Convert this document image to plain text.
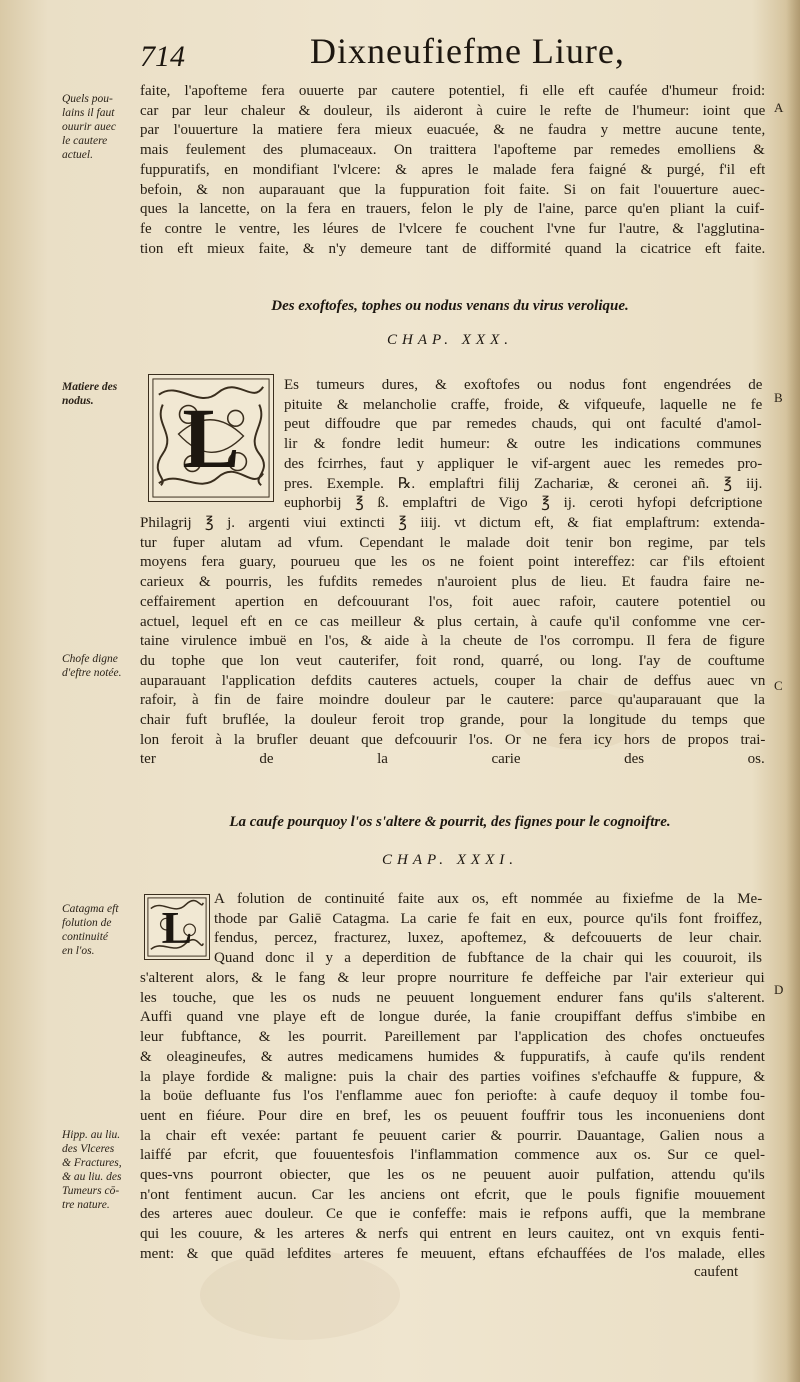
714	Dixneufiefme Liure,
Quels pou-
lains il faut
ouurir auec
le cautere
actuel.
Matiere des
nodus.
Chofe digne
d'eftre notée.
Catagma eft
folution de
continuité
en l'os.
Hipp. au liu.
des Vlceres
& Fractures,
& au liu. des
Tumeurs cō-
tre nature.
A
B
C
D
faite, l'apofteme fera ouuerte par cautere potentiel, fi elle eft caufée d'humeur froid:
car par leur chaleur & douleur, ils aideront à cuire le refte de l'humeur: ioint que
par l'ouuerture la matiere fera mieux euacuée, & ne faudra y mettre aucune tente,
mais feulement des plumaceaux. On traittera l'apofteme par remedes emolliens &
fuppuratifs, en mondifiant l'vlcere: & apres le malade fera faigné & purgé, f'il eft
befoin, & non auparauant que la fuppuration foit faite. Si on fait l'ouuerture auec-
ques la lancette, on la fera en trauers, felon le ply de l'aine, parce qu'en pliant la cuif-
fe contre le ventre, les léures de l'vlcere fe couchent l'vne fur l'autre, & l'agglutina-
tion eft mieux faite, & n'y demeure tant de difformité quand la cicatrice eft faite.
Des exoftofes, tophes ou nodus venans du virus verolique.
CHAP. XXX.
L
Es tumeurs dures, & exoftofes ou nodus font engendrées de
pituite & melancholie craffe, froide, & vifqueufe, laquelle ne fe
peut diffoudre que par remedes chauds, qui ont faculté d'amol-
lir & fondre ledit humeur: & outre les indications communes
des fcirrhes, faut y appliquer le vif-argent auec les remedes pro-
pres. Exemple. ℞. emplaftri filij Zachariæ, & ceronei añ. ℥ iij.
euphorbij ℥ ß. emplaftri de Vigo ℥ ij. ceroti hyfopi defcriptione
Philagrij ℥ j. argenti viui extincti ℥ iiij. vt dictum eft, & fiat emplaftrum: extenda-
tur fuper alutam ad vfum. Cependant le malade doit tenir bon regime, par tels
moyens fera guary, pourueu que les os ne foient point intereffez: car f'ils eftoient
carieux & pourris, les fufdits remedes n'auroient plus de lieu. Et faudra faire ne-
ceffairement apertion en defcouurant l'os, foit auec rafoir, cautere potentiel ou
actuel, lequel eft en ce cas meilleur & plus certain, à caufe qu'il confomme vne cer-
taine virulence imbuë en l'os, & aide à la cheute de l'os corrompu. Il fera de figure
du tophe que lon veut cauterifer, foit rond, quarré, ou long. I'ay de couftume
auparauant l'application defdits cauteres actuels, couper la chair de deffus auec vn
rafoir, à fin de faire moindre douleur par le cautere: parce qu'auparauant que la
chair fuft bruflée, la douleur feroit trop grande, pour la longitude du temps que
lon feroit à la brufler deuant que defcouurir l'os. Or ne fera icy hors de propos trai-
ter de la carie des os.
La caufe pourquoy l'os s'altere & pourrit, des fignes pour le cognoiftre.
CHAP. XXXI.
L
A folution de continuité faite aux os, eft nommée au fixiefme de la Me-
thode par Galiē Catagma. La carie fe fait en eux, pource qu'ils font froiffez,
fendus, percez, fracturez, luxez, apoftemez, & defcouuerts de leur chair.
Quand donc il y a deperdition de fubftance de la chair qui les couuroit, ils
s'alterent alors, & le fang & leur propre nourriture fe deffeiche par l'air exterieur qui
les touche, que les os nuds ne peuuent longuement endurer fans qu'ils s'alterent.
Auffi quand vne playe eft de longue durée, la fanie croupiffant deffus s'imbibe en
leur fubftance, & les pourrit. Pareillement par l'application des chofes onctueufes
& oleagineufes, & autres medicamens humides & fuppuratifs, à caufe qu'ils rendent
la playe fordide & maligne: puis la chair des parties voifines s'efchauffe & fuppure, &
la boüe defluante fus l'os l'enflamme auec fon periofte: à caufe dequoy il tombe fou-
uent en fiéure. Pour dire en bref, les os peuuent fouffrir tous les inconueniens dont
la chair eft vexée: partant fe peuuent carier & pourrir. Dauantage, Galien nous a
laiffé par efcrit, que fouuentesfois l'inflammation commence aux os. Sur ce quel-
ques-vns pourront obiecter, que les os ne peuuent auoir pulfation, attendu qu'ils
n'ont fentiment aucun. Car les anciens ont efcrit, que le pouls fignifie mouuement
des arteres auec douleur. Ce que ie confeffe: mais ie refpons auffi, que la membrane
qui les couure, & les arteres & nerfs qui entrent en leurs cauitez, ont vn exquis fenti-
ment: & que quād lefdites arteres fe meuuent, eftans efchauffées de l'os malade, elles
caufent
